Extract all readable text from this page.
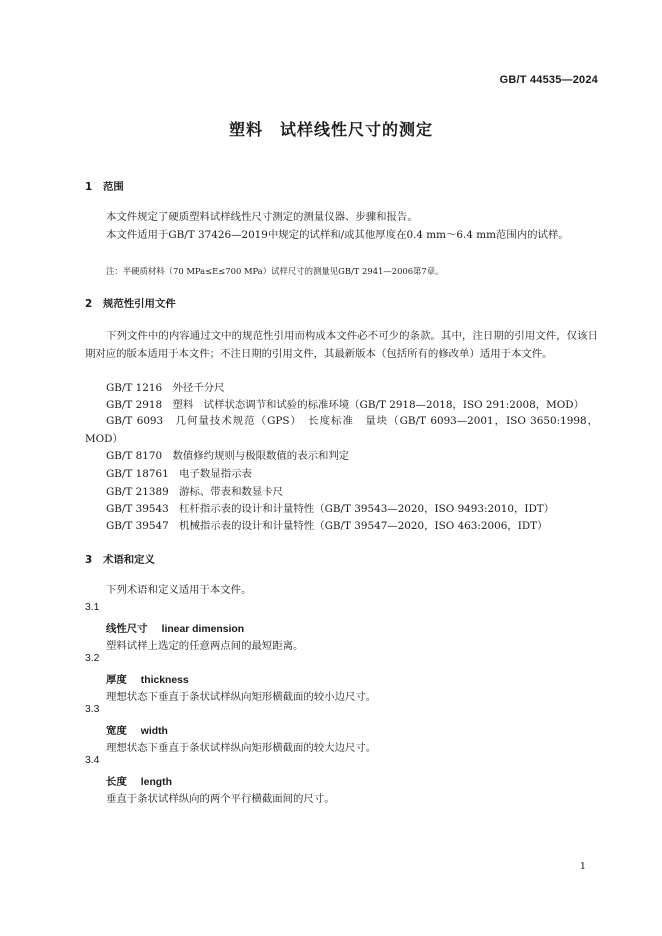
GB/T 44535—2024
塑料　试样线性尺寸的测定
1 范围
本文件规定了硬质塑料试样线性尺寸测定的测量仪器、步骤和报告。
本文件适用于GB/T 37426—2019中规定的试样和/或其他厚度在0.4 mm～6.4 mm范围内的试样。
注：半硬质材料（70 MPa≤E≤700 MPa）试样尺寸的测量见GB/T 2941—2006第7章。
2 规范性引用文件
下列文件中的内容通过文中的规范性引用而构成本文件必不可少的条款。其中，注日期的引用文件，仅该日期对应的版本适用于本文件；不注日期的引用文件，其最新版本（包括所有的修改单）适用于本文件。
GB/T 1216　外径千分尺
GB/T 2918　塑料　试样状态调节和试验的标准环境（GB/T 2918—2018，ISO 291:2008，MOD）
GB/T 6093　几何量技术规范（GPS）　长度标准　量块（GB/T 6093—2001，ISO 3650:1998，MOD）
GB/T 8170　数值修约规则与极限数值的表示和判定
GB/T 18761　电子数显指示表
GB/T 21389　游标、带表和数显卡尺
GB/T 39543　杠杆指示表的设计和计量特性（GB/T 39543—2020，ISO 9493:2010，IDT）
GB/T 39547　机械指示表的设计和计量特性（GB/T 39547—2020，ISO 463:2006，IDT）
3 术语和定义
下列术语和定义适用于本文件。
3.1
线性尺寸 linear dimension
塑料试样上选定的任意两点间的最短距离。
3.2
厚度 thickness
理想状态下垂直于条状试样纵向矩形横截面的较小边尺寸。
3.3
宽度 width
理想状态下垂直于条状试样纵向矩形横截面的较大边尺寸。
3.4
长度 length
垂直于条状试样纵向的两个平行横截面间的尺寸。
1
